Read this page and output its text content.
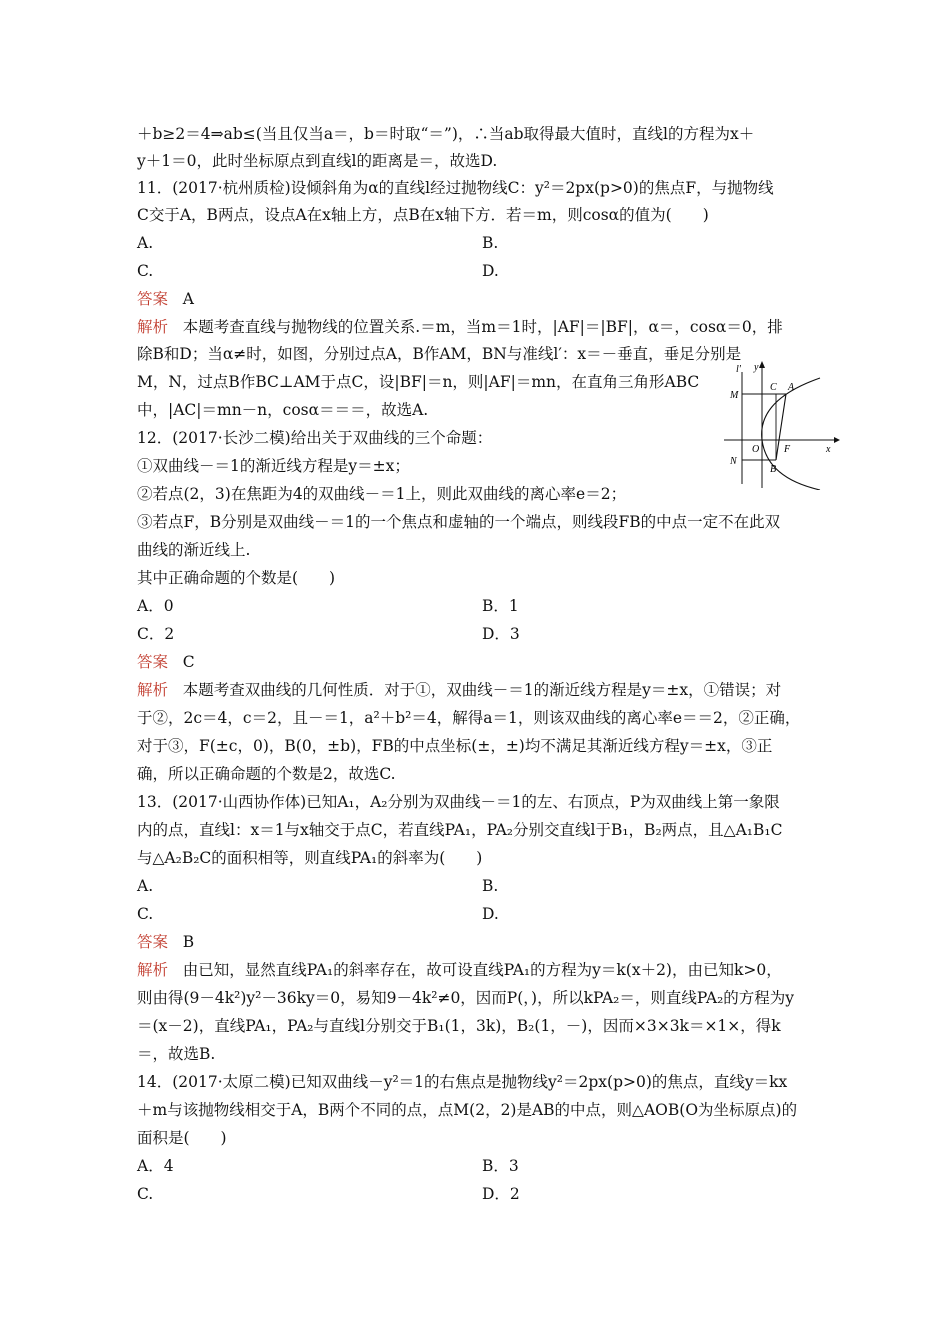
＋b≥2＝4⇒ab≤(当且仅当a＝，b＝时取“＝”)，∴当ab取得最大值时，直线l的方程为x＋
y＋1＝0，此时坐标原点到直线l的距离是＝，故选D.
11．(2017·杭州质检)设倾斜角为α的直线l经过抛物线C：y²＝2px(p>0)的焦点F，与抛物线
C交于A，B两点，设点A在x轴上方，点B在x轴下方．若＝m，则cosα的值为(　　)
A.	B.
C.	D.
答案 A
解析 本题考查直线与抛物线的位置关系.＝m，当m＝1时，|AF|＝|BF|，α＝，cosα＝0，排
除B和D；当α≠时，如图，分别过点A，B作AM，BN与准线l′：x＝－垂直，垂足分别是
M，N，过点B作BC⊥AM于点C，设|BF|＝n，则|AF|＝mn，在直角三角形ABC
中，|AC|＝mn－n，cosα＝＝＝，故选A.
l′ y
C A
M
O F	x
N
B
12．(2017·长沙二模)给出关于双曲线的三个命题：
①双曲线－＝1的渐近线方程是y＝±x；
②若点(2，3)在焦距为4的双曲线－＝1上，则此双曲线的离心率e＝2；
③若点F，B分别是双曲线－＝1的一个焦点和虚轴的一个端点，则线段FB的中点一定不在此双
曲线的渐近线上.
其中正确命题的个数是(　　)
A．0	B．1
C．2	D．3
答案 C
解析 本题考查双曲线的几何性质．对于①，双曲线－＝1的渐近线方程是y＝±x，①错误；对
于②，2c＝4，c＝2，且－＝1，a²＋b²＝4，解得a＝1，则该双曲线的离心率e＝＝2，②正确，
对于③，F(±c，0)，B(0，±b)，FB的中点坐标(±，±)均不满足其渐近线方程y＝±x，③正
确，所以正确命题的个数是2，故选C.
13．(2017·山西协作体)已知A₁，A₂分别为双曲线－＝1的左、右顶点，P为双曲线上第一象限
内的点，直线l：x＝1与x轴交于点C，若直线PA₁，PA₂分别交直线l于B₁，B₂两点，且△A₁B₁C
与△A₂B₂C的面积相等，则直线PA₁的斜率为(　　)
A.	B.
C.	D.
答案 B
解析 由已知，显然直线PA₁的斜率存在，故可设直线PA₁的方程为y＝k(x＋2)，由已知k>0，
则由得(9－4k²)y²－36ky＝0，易知9－4k²≠0，因而P(，)，所以kPA₂＝，则直线PA₂的方程为y
＝(x－2)，直线PA₁，PA₂与直线l分别交于B₁(1，3k)，B₂(1，－)，因而×3×3k＝×1×，得k
＝，故选B.
14．(2017·太原二模)已知双曲线－y²＝1的右焦点是抛物线y²＝2px(p>0)的焦点，直线y＝kx
＋m与该抛物线相交于A，B两个不同的点，点M(2，2)是AB的中点，则△AOB(O为坐标原点)的
面积是(　　)
A．4	B．3
C.	D．2
